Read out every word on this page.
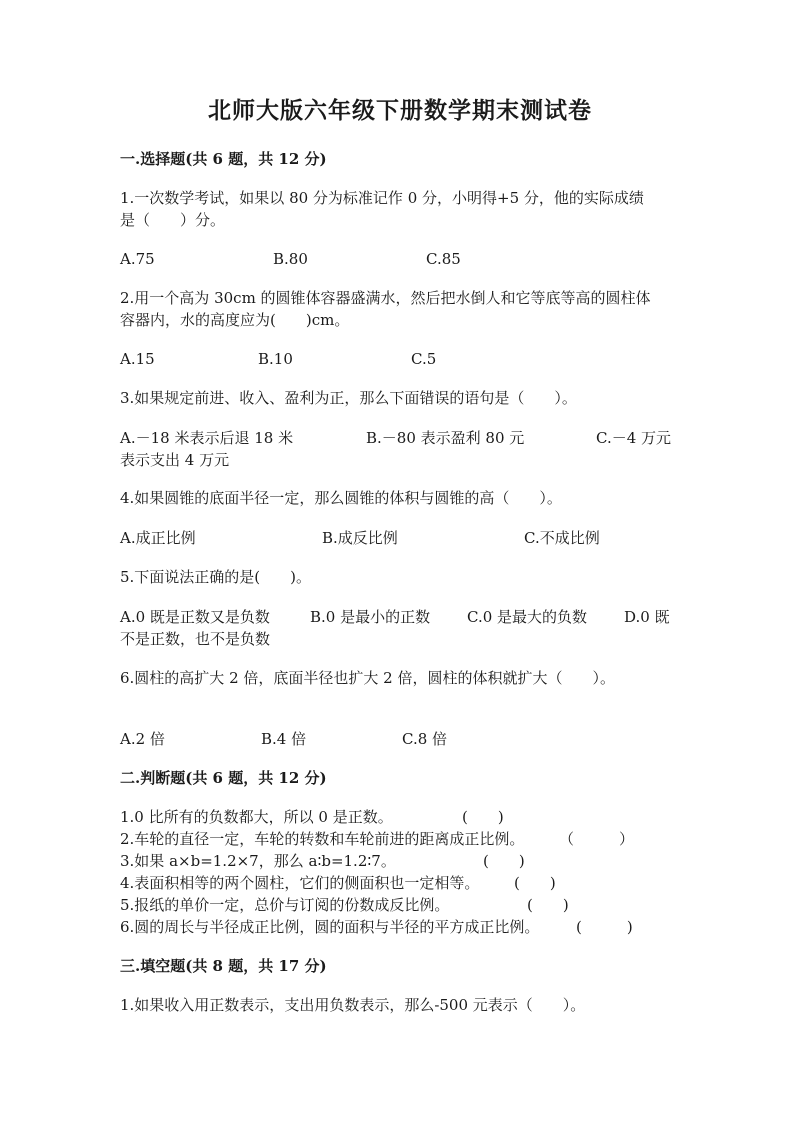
北师大版六年级下册数学期末测试卷
一.选择题(共 6 题，共 12 分)
1.一次数学考试，如果以 80 分为标准记作 0 分，小明得+5 分，他的实际成绩
是（　　）分。
A.75	B.80	C.85
2.用一个高为 30cm 的圆锥体容器盛满水，然后把水倒人和它等底等高的圆柱体
容器内，水的高度应为(　　)cm。
A.15	B.10	C.5
3.如果规定前进、收入、盈利为正，那么下面错误的语句是（　　）。
A.－18 米表示后退 18 米	B.－80 表示盈利 80 元	C.－4 万元
表示支出 4 万元
4.如果圆锥的底面半径一定，那么圆锥的体积与圆锥的高（　　）。
A.成正比例	B.成反比例	C.不成比例
5.下面说法正确的是(　　)。
A.0 既是正数又是负数	B.0 是最小的正数 C.0 是最大的负数 D.0 既
不是正数，也不是负数
6.圆柱的高扩大 2 倍，底面半径也扩大 2 倍，圆柱的体积就扩大（　　）。
A.2 倍	B.4 倍	C.8 倍
二.判断题(共 6 题，共 12 分)
1.0 比所有的负数都大，所以 0 是正数。	(　　)
2.车轮的直径一定，车轮的转数和车轮前进的距离成正比例。 （　　　）
3.如果 a×b=1.2×7，那么 a∶b=1.2∶7。	(　　)
4.表面积相等的两个圆柱，它们的侧面积也一定相等。 (　　)
5.报纸的单价一定，总价与订阅的份数成反比例。	(　　)
6.圆的周长与半径成正比例，圆的面积与半径的平方成正比例。 (　　　)
三.填空题(共 8 题，共 17 分)
1.如果收入用正数表示，支出用负数表示，那么-500 元表示（　　）。
